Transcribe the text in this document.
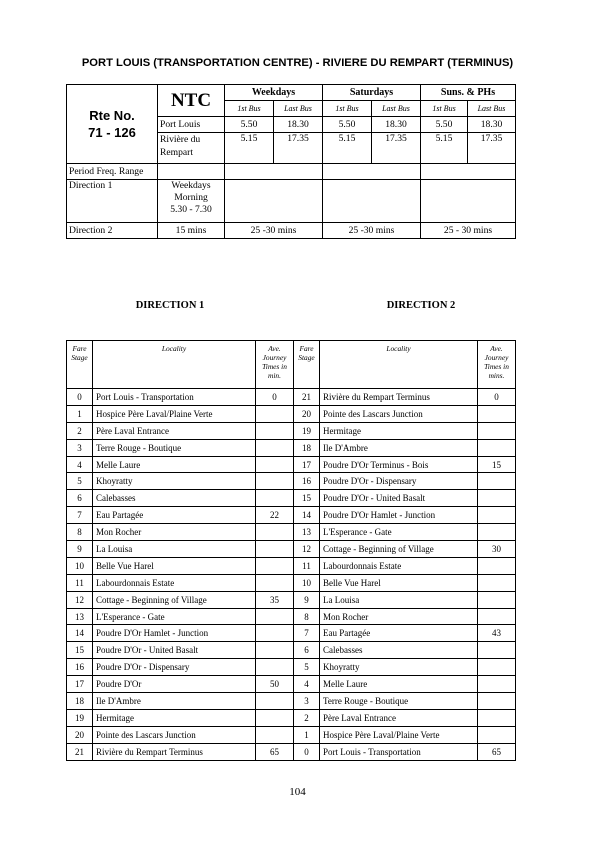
PORT LOUIS (TRANSPORTATION CENTRE) - RIVIERE DU REMPART (TERMINUS)
Rte No.
71 - 126	NTC	Weekdays		Saturdays		Suns. & PHs	
		1st Bus	Last Bus	1st Bus	Last Bus	1st Bus	Last Bus
	Port Louis	5.50	18.30	5.50	18.30	5.50	18.30
	Rivière du Rempart	5.15	17.35	5.15	17.35	5.15	17.35
Period Freq. Range							
Direction 1	Weekdays Morning 5.30 - 7.30						
Direction 2	15 mins	25 -30 mins		25 -30 mins		25 - 30 mins	
DIRECTION 1	DIRECTION 2
Fare Stage	Locality	Ave. Journey Times in min.	Fare Stage	Locality	Ave. Journey Times in mins.
0	Port Louis - Transportation	0	21	Rivière du Rempart Terminus	0
1	Hospice Père Laval/Plaine Verte		20	Pointe des Lascars Junction	
2	Père Laval Entrance		19	Hermitage	
3	Terre Rouge - Boutique		18	Ile D'Ambre	
4	Melle Laure		17	Poudre D'Or Terminus - Bois	15
5	Khoyratty		16	Poudre D'Or - Dispensary	
6	Calebasses		15	Poudre D'Or - United Basalt	
7	Eau Partagée	22	14	Poudre D'Or Hamlet - Junction	
8	Mon Rocher		13	L'Esperance - Gate	
9	La Louisa		12	Cottage - Beginning of Village	30
10	Belle Vue Harel		11	Labourdonnais Estate	
11	Labourdonnais Estate		10	Belle Vue Harel	
12	Cottage - Beginning of Village	35	9	La Louisa	
13	L'Esperance - Gate		8	Mon Rocher	
14	Poudre D'Or Hamlet - Junction		7	Eau Partagée	43
15	Poudre D'Or - United Basalt		6	Calebasses	
16	Poudre D'Or - Dispensary		5	Khoyratty	
17	Poudre D'Or	50	4	Melle Laure	
18	Ile D'Ambre		3	Terre Rouge - Boutique	
19	Hermitage		2	Père Laval Entrance	
20	Pointe des Lascars Junction		1	Hospice Père Laval/Plaine Verte	
21	Rivière du Rempart Terminus	65	0	Port Louis - Transportation	65
104
